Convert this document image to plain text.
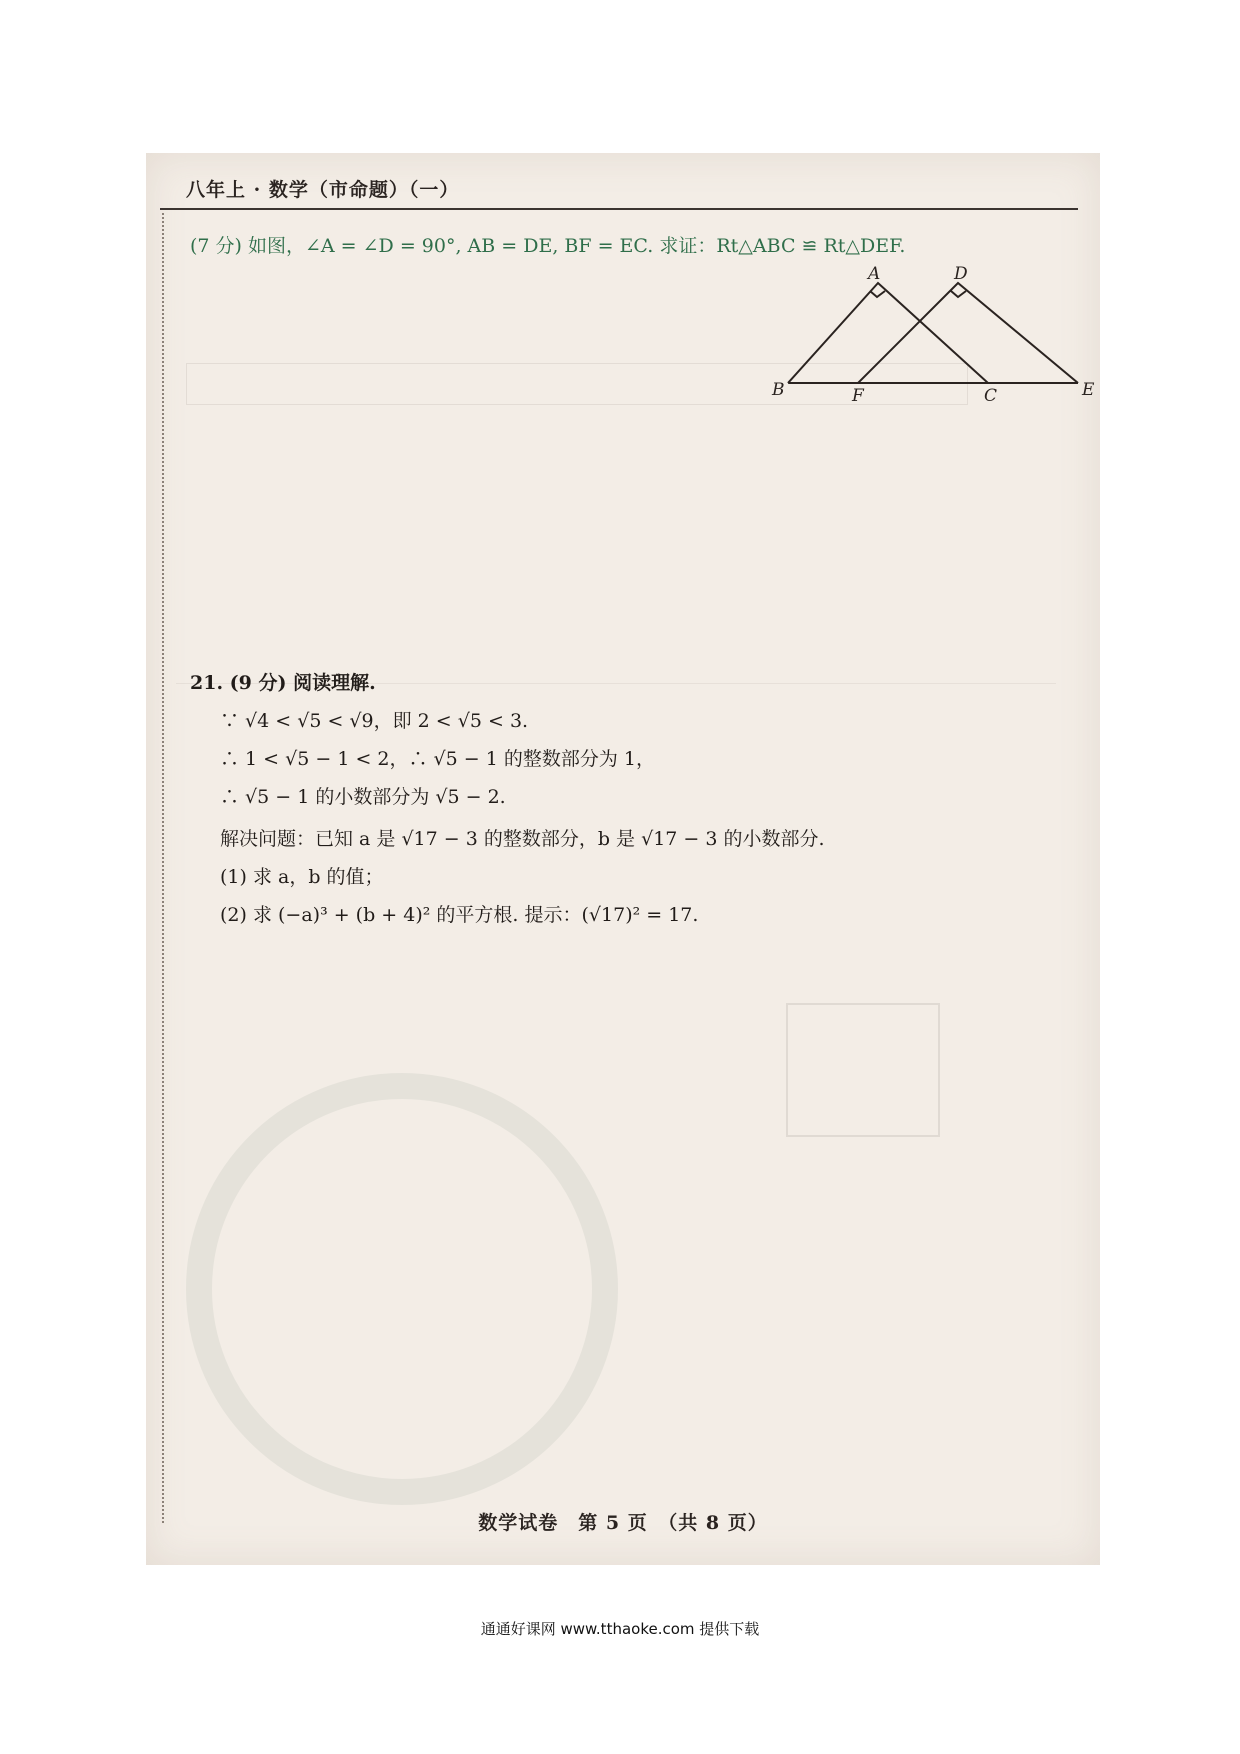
八年上 · 数学（市命题）（一）
(7 分) 如图，∠A = ∠D = 90°, AB = DE, BF = EC. 求证：Rt△ABC ≌ Rt△DEF.
A	D
B	F	C	E
21. (9 分) 阅读理解.
∵ √4 < √5 < √9，即 2 < √5 < 3.
∴ 1 < √5 − 1 < 2，∴ √5 − 1 的整数部分为 1，
∴ √5 − 1 的小数部分为 √5 − 2.
解决问题：已知 a 是 √17 − 3 的整数部分，b 是 √17 − 3 的小数部分.
(1) 求 a，b 的值；
(2) 求 (−a)³ + (b + 4)² 的平方根. 提示：(√17)² = 17.
数学试卷　第 5 页　（共 8 页）
通通好课网 www.tthaoke.com 提供下载
